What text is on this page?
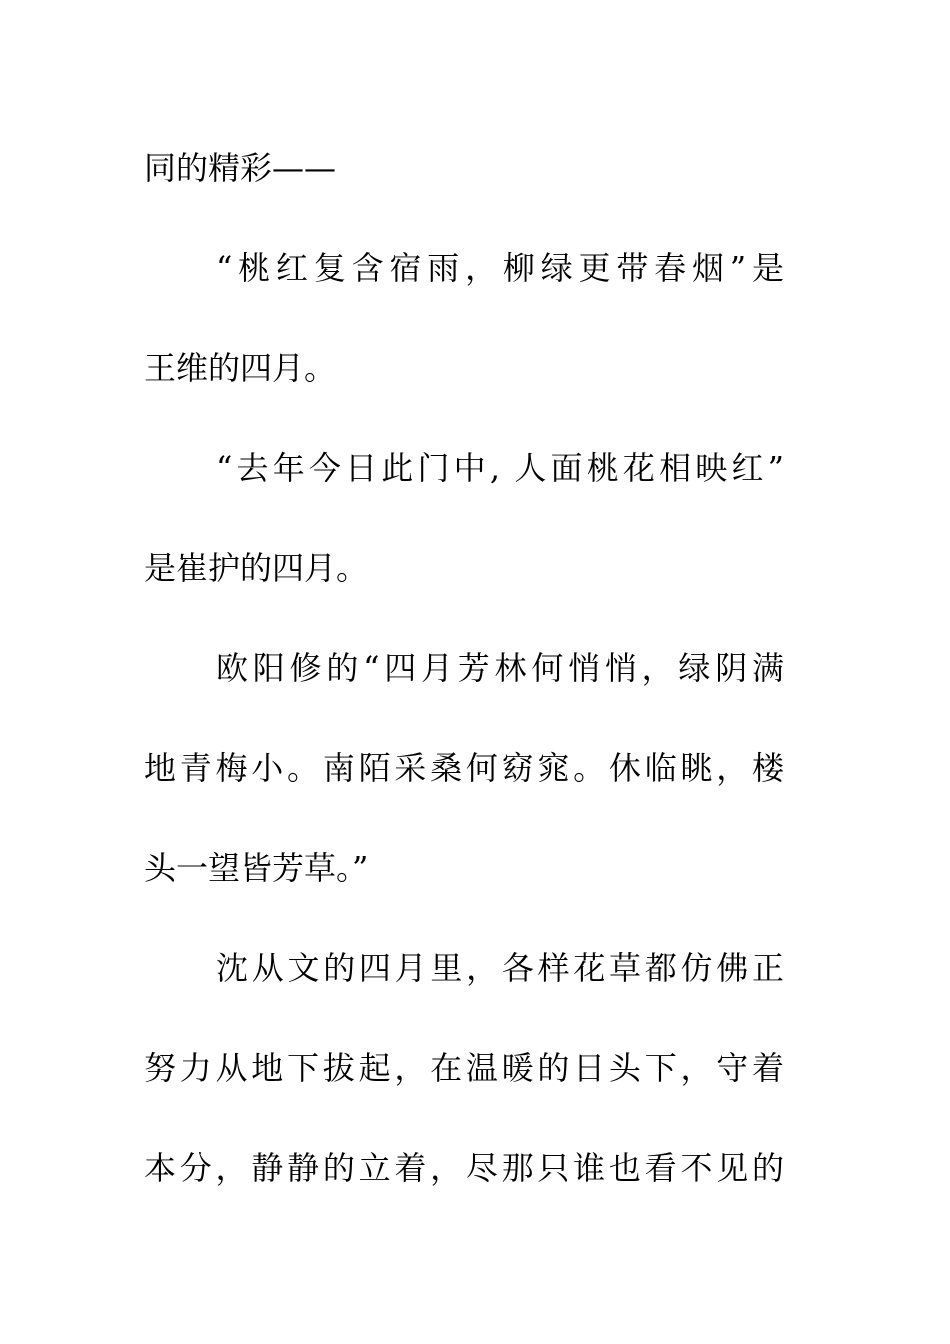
同的精彩——
“桃红复含宿雨，柳绿更带春烟”是
王维的四月。
“去年今日此门中, 人面桃花相映红”
是崔护的四月。
欧阳修的“四月芳林何悄悄，绿阴满
地青梅小。南陌采桑何窈窕。休临眺，楼
头一望皆芳草。”
沈从文的四月里，各样花草都仿佛正
努力从地下拔起，在温暖的日头下，守着
本分，静静的立着，尽那只谁也看不见的
